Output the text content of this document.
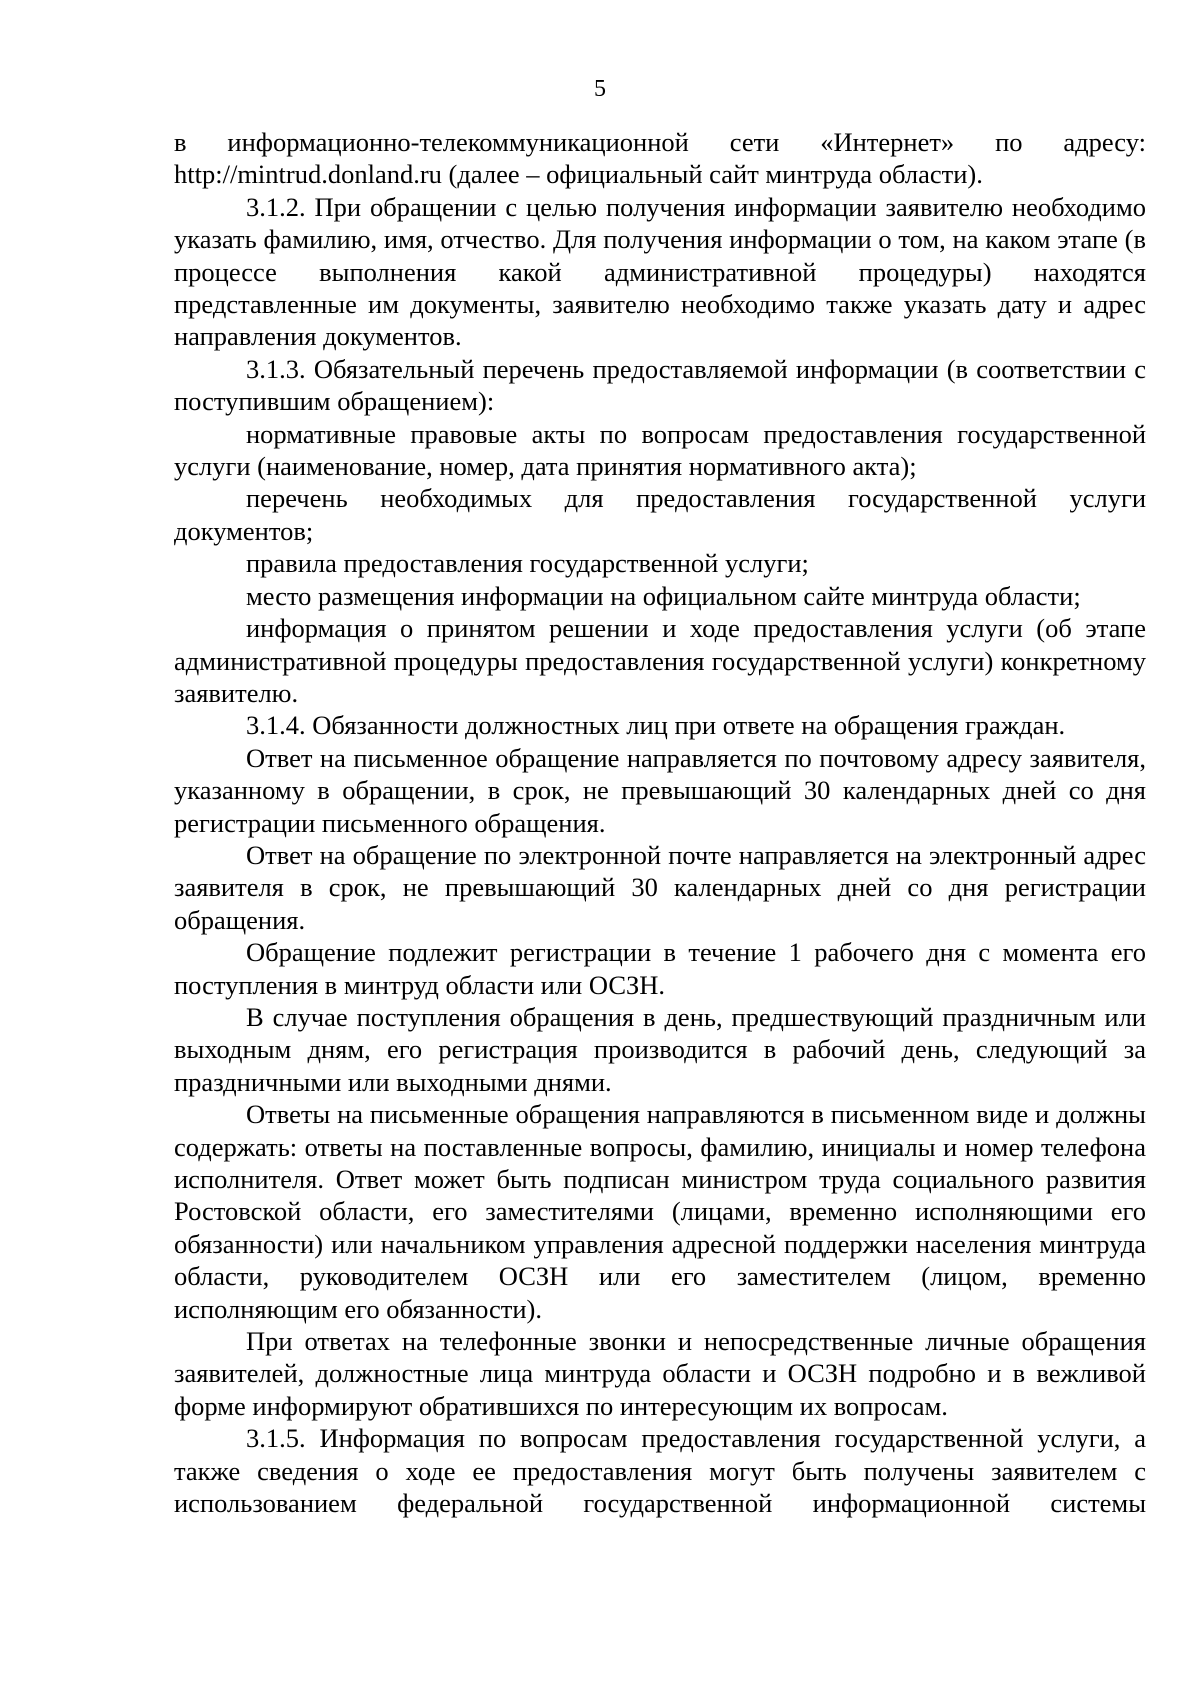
5

в информационно-телекоммуникационной сети «Интернет» по адресу: http://mintrud.donland.ru (далее – официальный сайт минтруда области).

3.1.2. При обращении с целью получения информации заявителю необходимо указать фамилию, имя, отчество. Для получения информации о том, на каком этапе (в процессе выполнения какой административной процедуры) находятся представленные им документы, заявителю необходимо также указать дату и адрес направления документов.

3.1.3. Обязательный перечень предоставляемой информации (в соответствии с поступившим обращением):

нормативные правовые акты по вопросам предоставления государственной услуги (наименование, номер, дата принятия нормативного акта);

перечень необходимых для предоставления государственной услуги документов;

правила предоставления государственной услуги;

место размещения информации на официальном сайте минтруда области;

информация о принятом решении и ходе предоставления услуги (об этапе административной процедуры предоставления государственной услуги) конкретному заявителю.

3.1.4. Обязанности должностных лиц при ответе на обращения граждан.

Ответ на письменное обращение направляется по почтовому адресу заявителя, указанному в обращении, в срок, не превышающий 30 календарных дней со дня регистрации письменного обращения.

Ответ на обращение по электронной почте направляется на электронный адрес заявителя в срок, не превышающий 30 календарных дней со дня регистрации обращения.

Обращение подлежит регистрации в течение 1 рабочего дня с момента его поступления в минтруд области или ОСЗН.

В случае поступления обращения в день, предшествующий праздничным или выходным дням, его регистрация производится в рабочий день, следующий за праздничными или выходными днями.

Ответы на письменные обращения направляются в письменном виде и должны содержать: ответы на поставленные вопросы, фамилию, инициалы и номер телефона исполнителя. Ответ может быть подписан министром труда социального развития Ростовской области, его заместителями (лицами, временно исполняющими его обязанности) или начальником управления адресной поддержки населения минтруда области, руководителем ОСЗН или его заместителем (лицом, временно исполняющим его обязанности).

При ответах на телефонные звонки и непосредственные личные обращения заявителей, должностные лица минтруда области и ОСЗН подробно и в вежливой форме информируют обратившихся по интересующим их вопросам.

3.1.5. Информация по вопросам предоставления государственной услуги, а также сведения о ходе ее предоставления могут быть получены заявителем с использованием федеральной государственной информационной системы
